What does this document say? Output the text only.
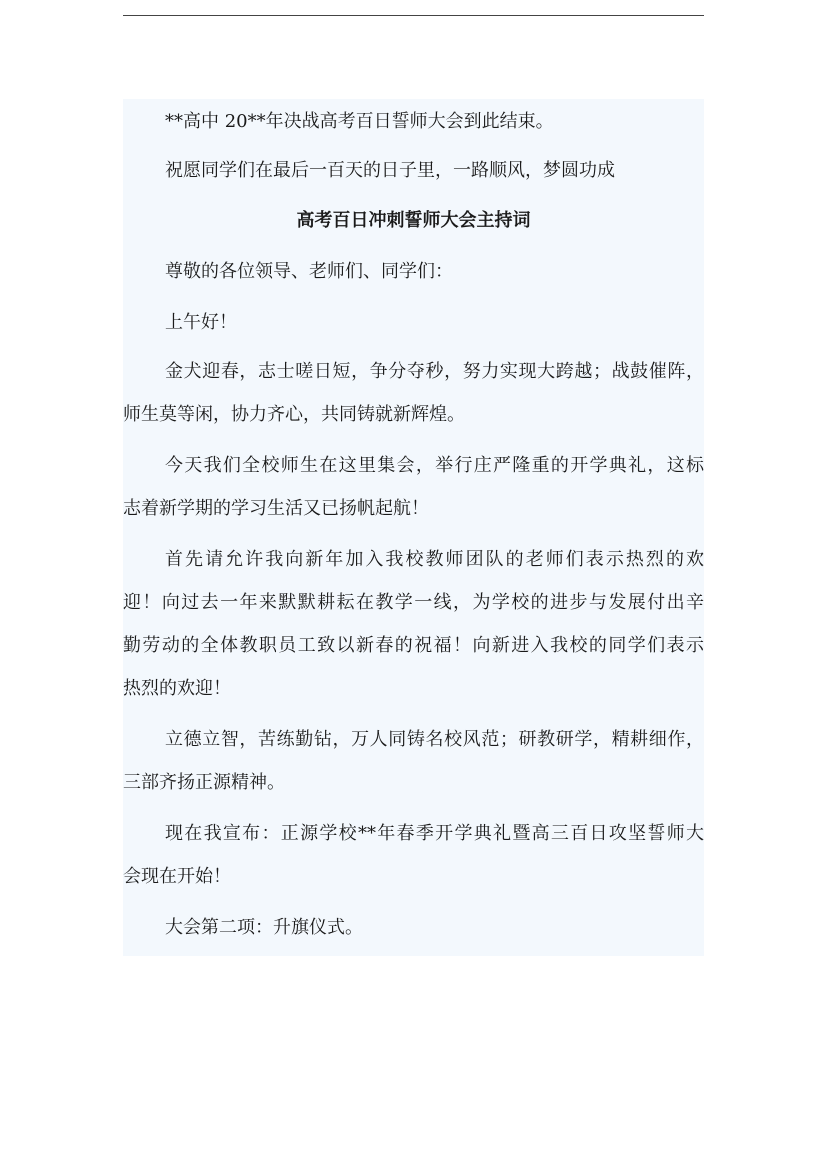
**高中 20**年决战高考百日誓师大会到此结束。
祝愿同学们在最后一百天的日子里，一路顺风，梦圆功成
高考百日冲刺誓师大会主持词
尊敬的各位领导、老师们、同学们：
上午好！
金犬迎春，志士嗟日短，争分夺秒，努力实现大跨越；战鼓催阵，
师生莫等闲，协力齐心，共同铸就新辉煌。
今天我们全校师生在这里集会，举行庄严隆重的开学典礼，这标
志着新学期的学习生活又已扬帆起航！
首先请允许我向新年加入我校教师团队的老师们表示热烈的欢
迎！向过去一年来默默耕耘在教学一线，为学校的进步与发展付出辛
勤劳动的全体教职员工致以新春的祝福！向新进入我校的同学们表示
热烈的欢迎！
立德立智，苦练勤钻，万人同铸名校风范；研教研学，精耕细作，
三部齐扬正源精神。
现在我宣布：正源学校**年春季开学典礼暨高三百日攻坚誓师大
会现在开始！
大会第二项：升旗仪式。
